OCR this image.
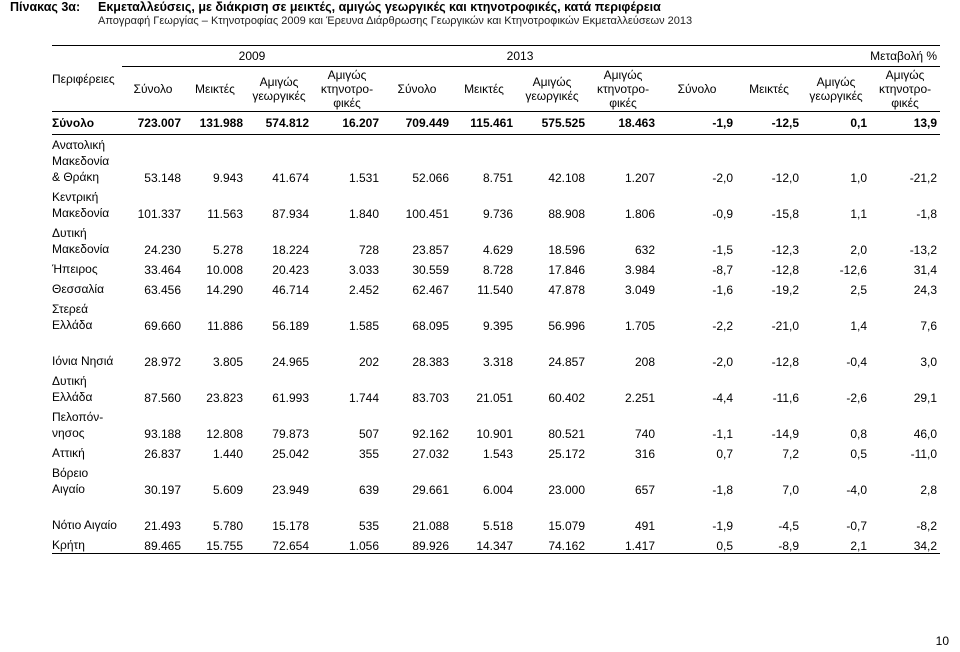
Πίνακας 3α: Εκμεταλλεύσεις, με διάκριση σε μεικτές, αμιγώς γεωργικές και κτηνοτροφικές, κατά περιφέρεια
Απογραφή Γεωργίας – Κτηνοτροφίας 2009 και Έρευνα Διάρθρωσης Γεωργικών και Κτηνοτροφικών Εκμεταλλεύσεων 2013
Περιφέρειες	2009				2013				Μεταβολή %			
	Σύνολο	Μεικτές	Αμιγώς γεωργικές	Αμιγώς κτηνοτρο-φικές	Σύνολο	Μεικτές	Αμιγώς γεωργικές	Αμιγώς κτηνοτρο-φικές	Σύνολο	Μεικτές	Αμιγώς γεωργικές	Αμιγώς κτηνοτρο-φικές
Σύνολο	723.007	131.988	574.812	16.207	709.449	115.461	575.525	18.463	-1,9	-12,5	0,1	13,9
Ανατολική Μακεδονία & Θράκη	53.148	9.943	41.674	1.531	52.066	8.751	42.108	1.207	-2,0	-12,0	1,0	-21,2
Κεντρική Μακεδονία	101.337	11.563	87.934	1.840	100.451	9.736	88.908	1.806	-0,9	-15,8	1,1	-1,8
Δυτική Μακεδονία	24.230	5.278	18.224	728	23.857	4.629	18.596	632	-1,5	-12,3	2,0	-13,2
Ήπειρος	33.464	10.008	20.423	3.033	30.559	8.728	17.846	3.984	-8,7	-12,8	-12,6	31,4
Θεσσαλία	63.456	14.290	46.714	2.452	62.467	11.540	47.878	3.049	-1,6	-19,2	2,5	24,3
Στερεά Ελλάδα	69.660	11.886	56.189	1.585	68.095	9.395	56.996	1.705	-2,2	-21,0	1,4	7,6
Ιόνια Νησιά	28.972	3.805	24.965	202	28.383	3.318	24.857	208	-2,0	-12,8	-0,4	3,0
Δυτική Ελλάδα	87.560	23.823	61.993	1.744	83.703	21.051	60.402	2.251	-4,4	-11,6	-2,6	29,1
Πελοπόν-νησος	93.188	12.808	79.873	507	92.162	10.901	80.521	740	-1,1	-14,9	0,8	46,0
Αττική	26.837	1.440	25.042	355	27.032	1.543	25.172	316	0,7	7,2	0,5	-11,0
Βόρειο Αιγαίο	30.197	5.609	23.949	639	29.661	6.004	23.000	657	-1,8	7,0	-4,0	2,8
Νότιο Αιγαίο	21.493	5.780	15.178	535	21.088	5.518	15.079	491	-1,9	-4,5	-0,7	-8,2
Κρήτη	89.465	15.755	72.654	1.056	89.926	14.347	74.162	1.417	0,5	-8,9	2,1	34,2
10
